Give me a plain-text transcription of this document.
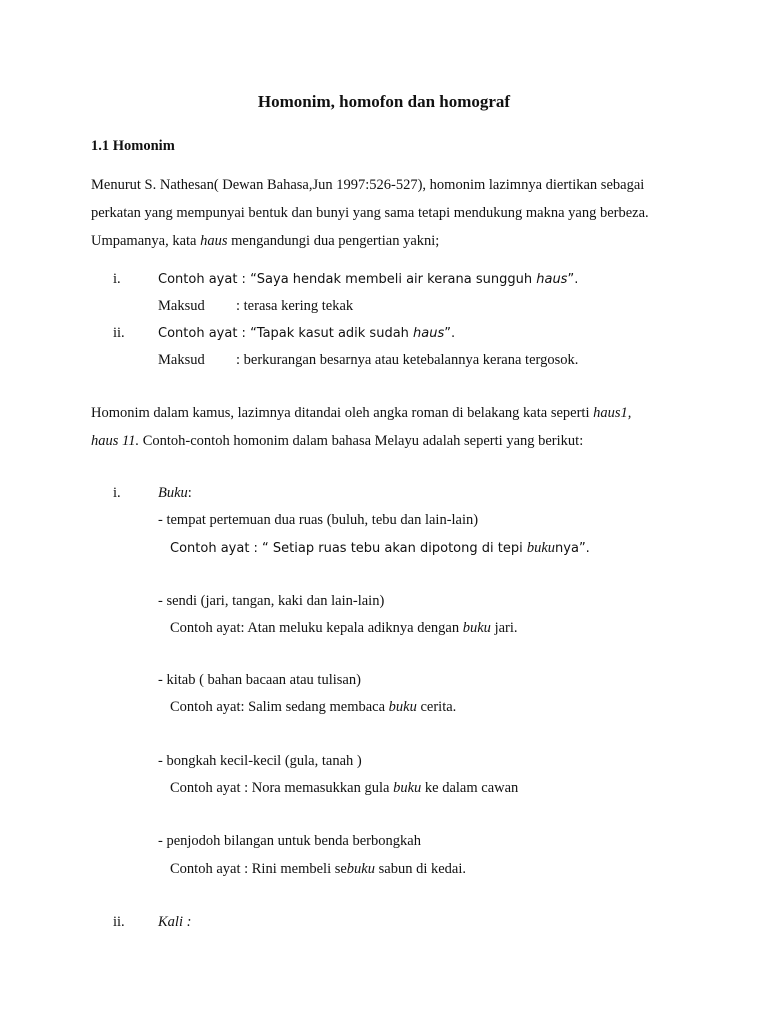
Homonim, homofon dan homograf
1.1 Homonim
Menurut S. Nathesan( Dewan Bahasa,Jun 1997:526-527), homonim lazimnya diertikan sebagai
perkatan yang mempunyai bentuk dan bunyi yang sama tetapi mendukung makna yang berbeza.
Umpamanya, kata haus mengandungi dua pengertian yakni;
i.	Contoh ayat : “Saya hendak membeli air kerana sungguh haus”.
Maksud : terasa kering tekak
ii.	Contoh ayat : “Tapak kasut adik sudah haus”.
Maksud : berkurangan besarnya atau ketebalannya kerana tergosok.
Homonim dalam kamus, lazimnya ditandai oleh angka roman di belakang kata seperti haus1,
haus 11. Contoh-contoh homonim dalam bahasa Melayu adalah seperti yang berikut:
i.	Buku:
- tempat pertemuan dua ruas (buluh, tebu dan lain-lain)
Contoh ayat : “ Setiap ruas tebu akan dipotong di tepi bukunya”.
- sendi (jari, tangan, kaki dan lain-lain)
Contoh ayat: Atan meluku kepala adiknya dengan buku jari.
- kitab ( bahan bacaan atau tulisan)
Contoh ayat: Salim sedang membaca buku cerita.
- bongkah kecil-kecil (gula, tanah )
Contoh ayat : Nora memasukkan gula buku ke dalam cawan
- penjodoh bilangan untuk benda berbongkah
Contoh ayat : Rini membeli sebuku sabun di kedai.
ii. Kali :
